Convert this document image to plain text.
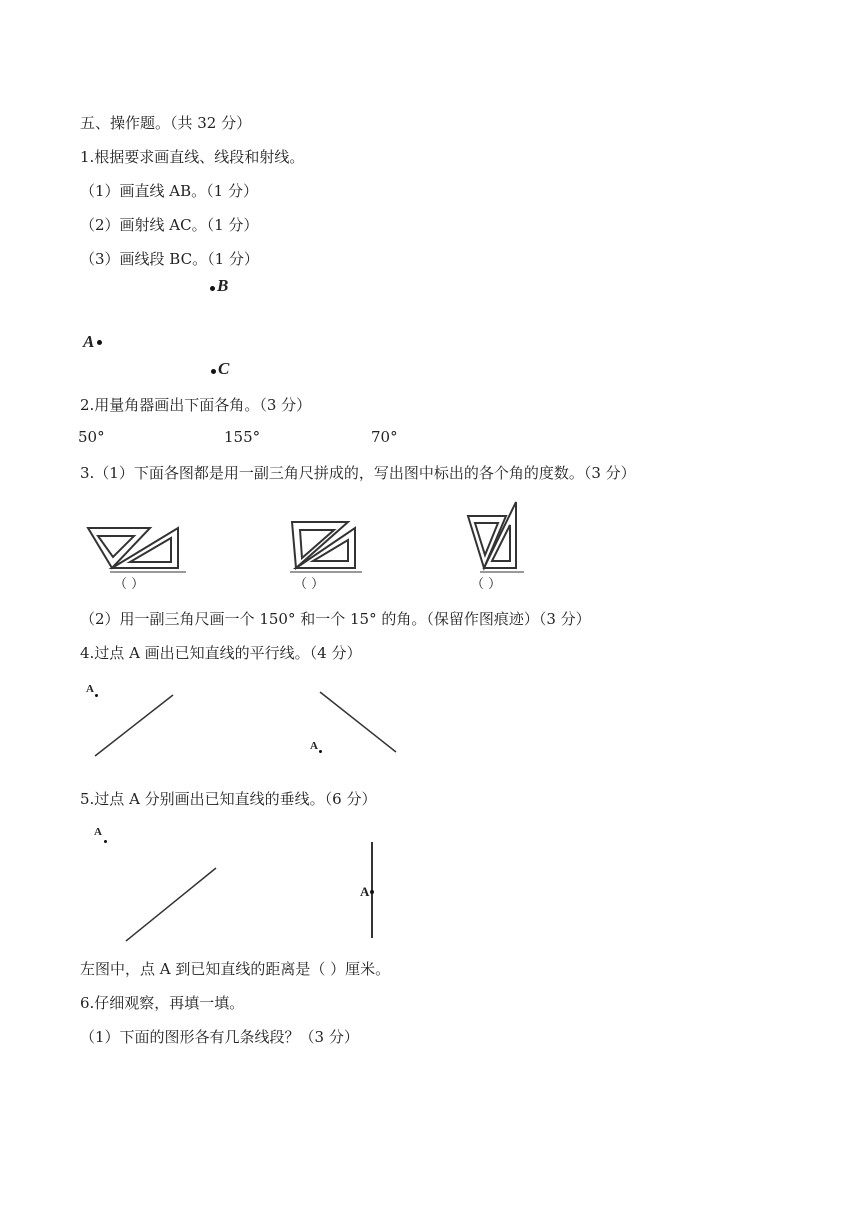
五、操作题。（共 32 分）
1.根据要求画直线、线段和射线。
（1）画直线 AB。（1 分）
（2）画射线 AC。（1 分）
（3）画线段 BC。（1 分）
B
A
C
2.用量角器画出下面各角。（3 分）
50°	155°	70°
3.（1）下面各图都是用一副三角尺拼成的，写出图中标出的各个角的度数。（3 分）
（ ）	（ ）	（ ）
（2）用一副三角尺画一个 150° 和一个 15° 的角。（保留作图痕迹）（3 分）
4.过点 A 画出已知直线的平行线。（4 分）
A
A
5.过点 A 分别画出已知直线的垂线。（6 分）
A
A
左图中，点 A 到已知直线的距离是（ ）厘米。
6.仔细观察，再填一填。
（1）下面的图形各有几条线段？（3 分）
